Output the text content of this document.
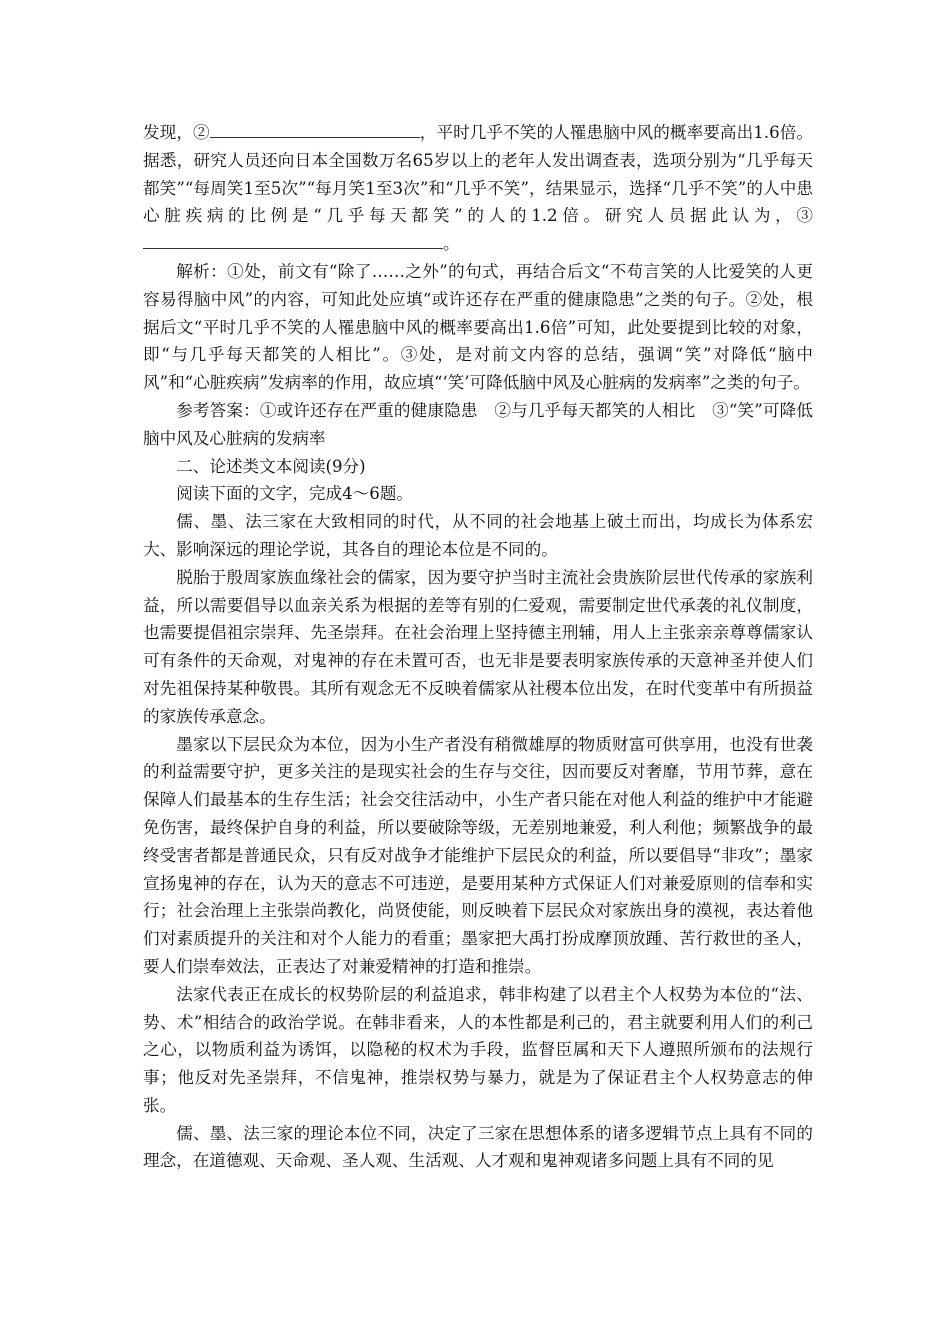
发现，②	，平时几乎不笑的人罹患脑中风的概率要高出1.6倍。据悉，研究人员还向日本全国数万名65岁以上的老年人发出调查表，选项分别为“几乎每天都笑”“每周笑1至5次”“每月笑1至3次”和“几乎不笑”，结果显示，选择“几乎不笑”的人中患心脏疾病的比例是“几乎每天都笑”的人的1.2倍。研究人员据此认为，③。

解析：①处，前文有“除了……之外”的句式，再结合后文“不苟言笑的人比爱笑的人更容易得脑中风”的内容，可知此处应填“或许还存在严重的健康隐患”之类的句子。②处，根据后文“平时几乎不笑的人罹患脑中风的概率要高出1.6倍”可知，此处要提到比较的对象，即“与几乎每天都笑的人相比”。③处，是对前文内容的总结，强调“笑”对降低“脑中风”和“心脏疾病”发病率的作用，故应填“‘笑’可降低脑中风及心脏病的发病率”之类的句子。

参考答案：①或许还存在严重的健康隐患　②与几乎每天都笑的人相比　③“笑”可降低脑中风及心脏病的发病率

二、论述类文本阅读(9分)

阅读下面的文字，完成4～6题。

儒、墨、法三家在大致相同的时代，从不同的社会地基上破土而出，均成长为体系宏大、影响深远的理论学说，其各自的理论本位是不同的。

脱胎于殷周家族血缘社会的儒家，因为要守护当时主流社会贵族阶层世代传承的家族利益，所以需要倡导以血亲关系为根据的差等有别的仁爱观，需要制定世代承袭的礼仪制度，也需要提倡祖宗崇拜、先圣崇拜。在社会治理上坚持德主刑辅，用人上主张亲亲尊尊儒家认可有条件的天命观，对鬼神的存在未置可否，也无非是要表明家族传承的天意神圣并使人们对先祖保持某种敬畏。其所有观念无不反映着儒家从社稷本位出发，在时代变革中有所损益的家族传承意念。

墨家以下层民众为本位，因为小生产者没有稍微雄厚的物质财富可供享用，也没有世袭的利益需要守护，更多关注的是现实社会的生存与交往，因而要反对奢靡，节用节葬，意在保障人们最基本的生存生活；社会交往活动中，小生产者只能在对他人利益的维护中才能避免伤害，最终保护自身的利益，所以要破除等级，无差别地兼爱，利人利他；频繁战争的最终受害者都是普通民众，只有反对战争才能维护下层民众的利益，所以要倡导“非攻”；墨家宣扬鬼神的存在，认为天的意志不可违逆，是要用某种方式保证人们对兼爱原则的信奉和实行；社会治理上主张崇尚教化，尚贤使能，则反映着下层民众对家族出身的漠视，表达着他们对素质提升的关注和对个人能力的看重；墨家把大禹打扮成摩顶放踵、苦行救世的圣人，要人们崇奉效法，正表达了对兼爱精神的打造和推崇。

法家代表正在成长的权势阶层的利益追求，韩非构建了以君主个人权势为本位的“法、势、术”相结合的政治学说。在韩非看来，人的本性都是利己的，君主就要利用人们的利己之心，以物质利益为诱饵，以隐秘的权术为手段，监督臣属和天下人遵照所颁布的法规行事；他反对先圣崇拜，不信鬼神，推崇权势与暴力，就是为了保证君主个人权势意志的伸张。

儒、墨、法三家的理论本位不同，决定了三家在思想体系的诸多逻辑节点上具有不同的理念，在道德观、天命观、圣人观、生活观、人才观和鬼神观诸多问题上具有不同的见
